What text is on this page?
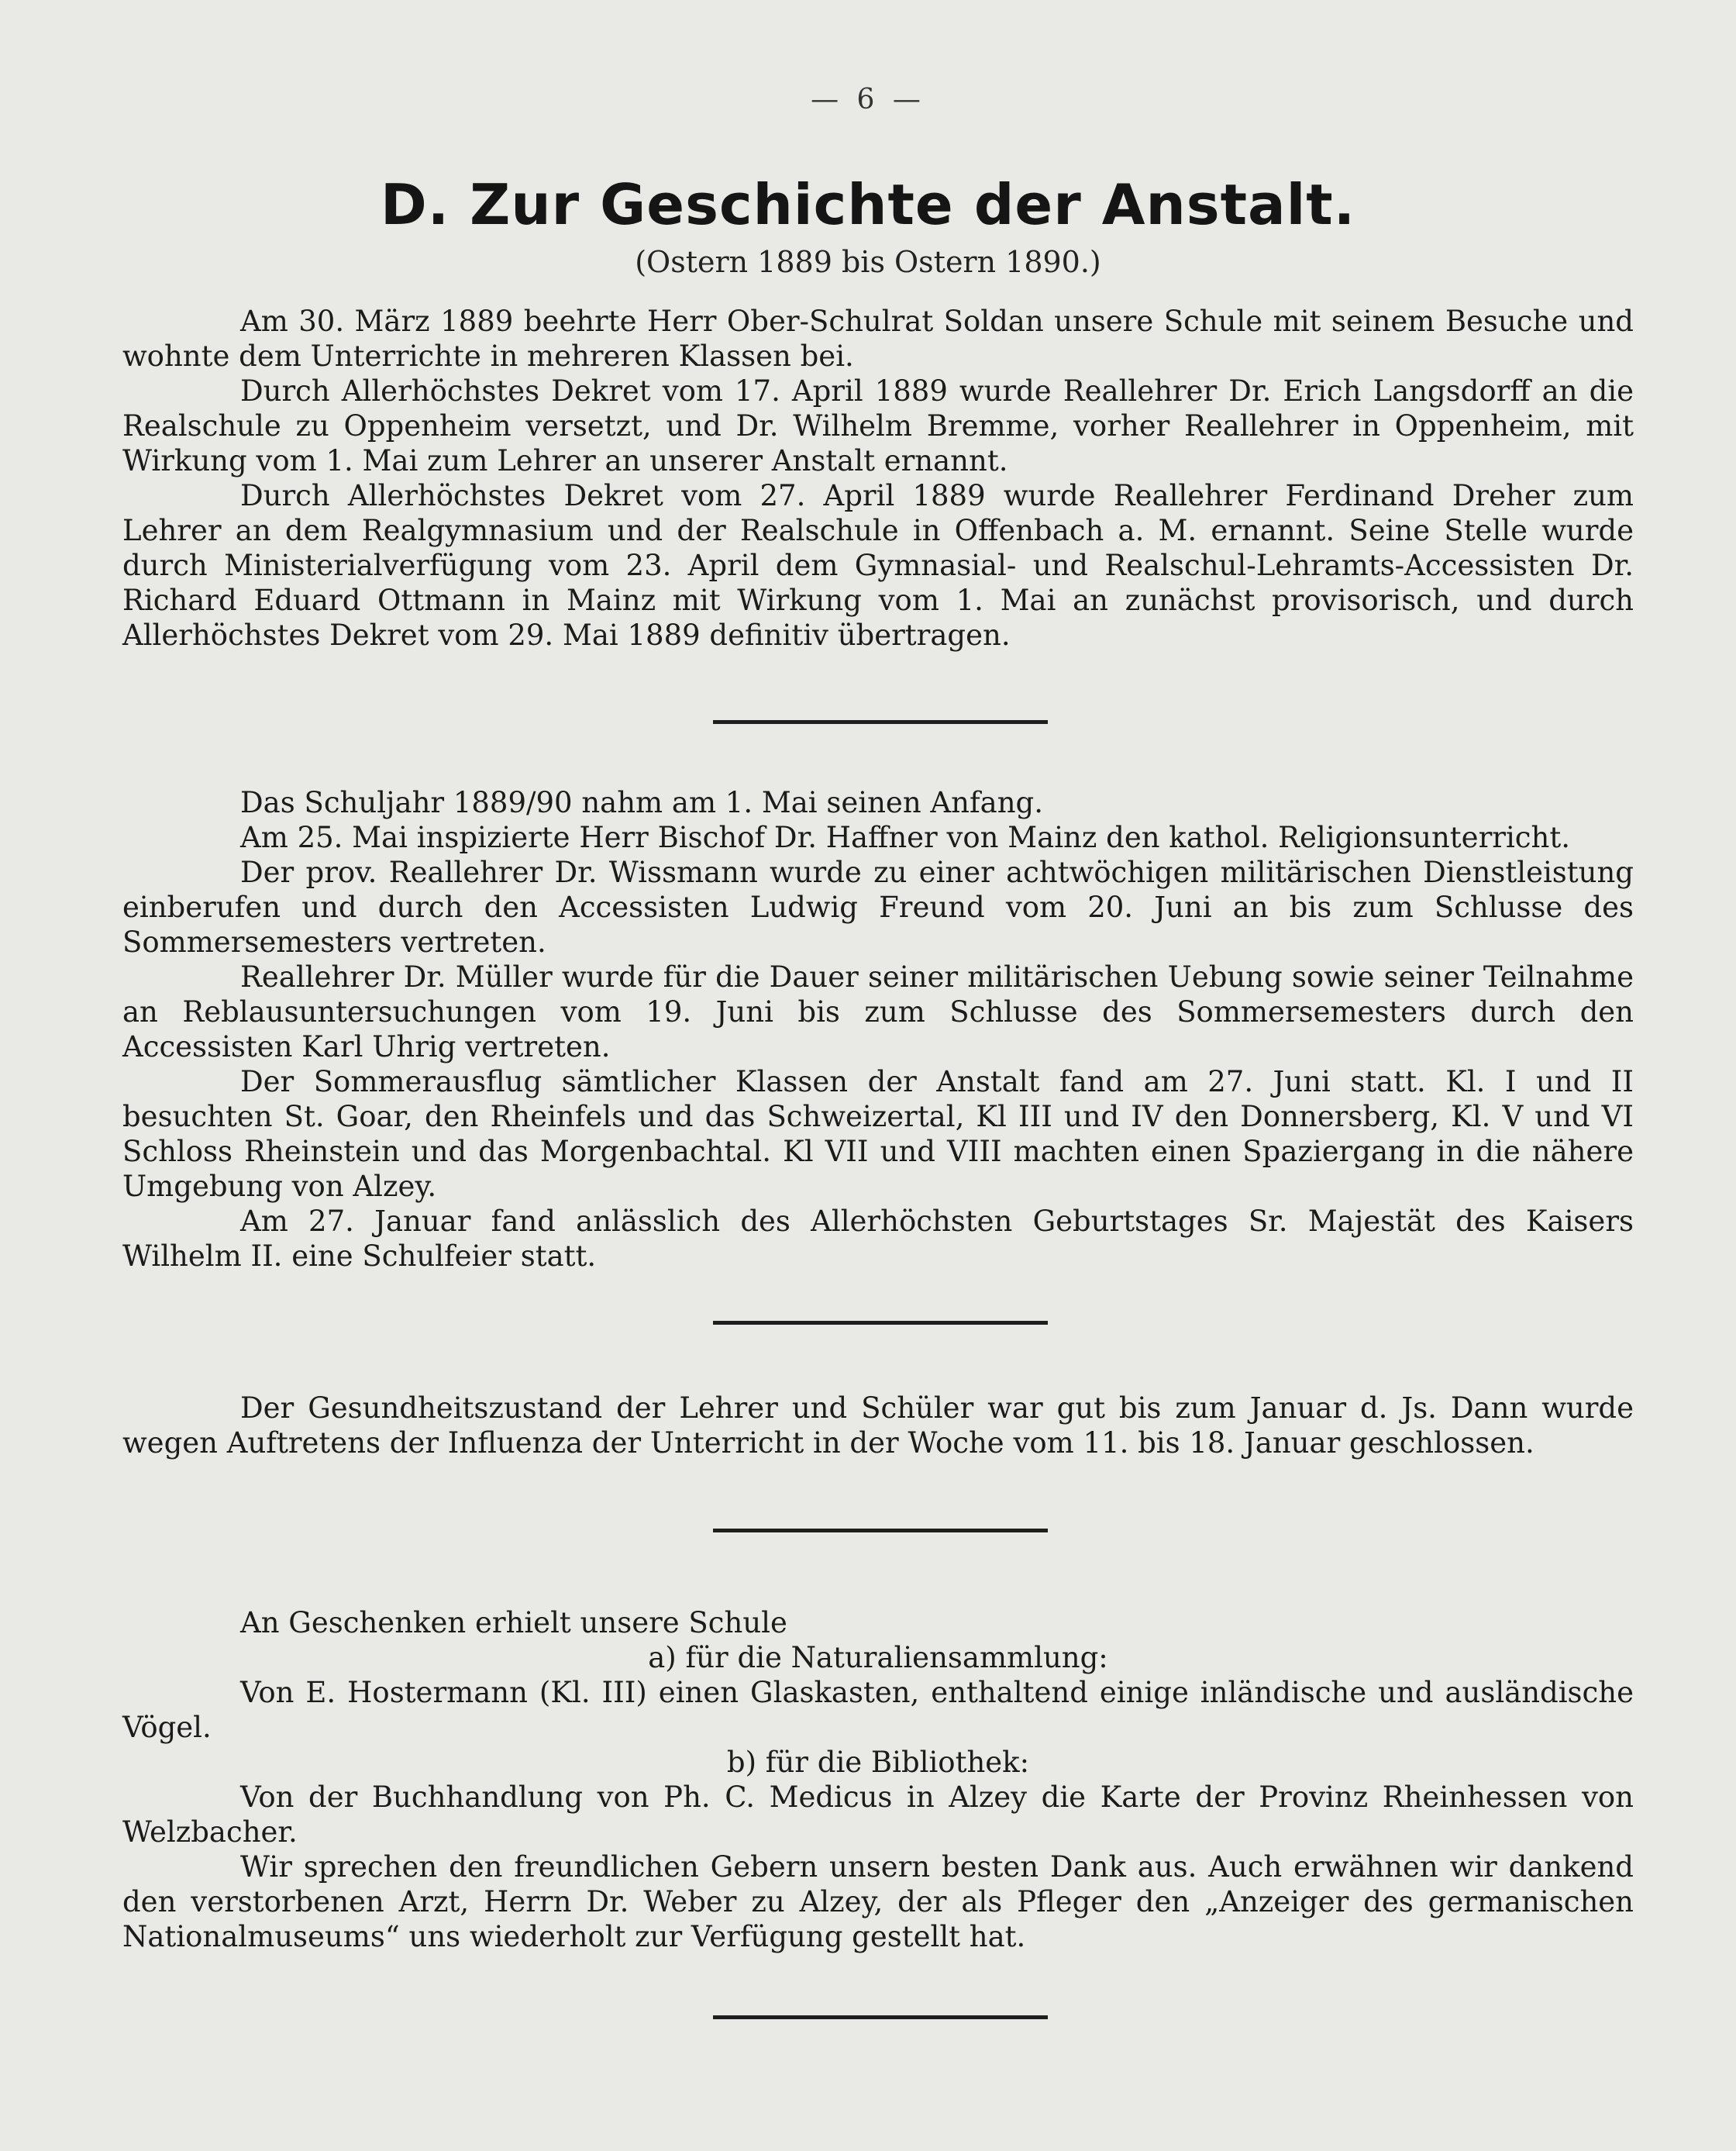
— 6 —
D. Zur Geschichte der Anstalt.
(Ostern 1889 bis Ostern 1890.)

Am 30. März 1889 beehrte Herr Ober-Schulrat Soldan unsere Schule mit seinem Besuche und wohnte dem Unterrichte in mehreren Klassen bei.

Durch Allerhöchstes Dekret vom 17. April 1889 wurde Reallehrer Dr. Erich Langsdorff an die Realschule zu Oppenheim versetzt, und Dr. Wilhelm Bremme, vorher Reallehrer in Oppenheim, mit Wirkung vom 1. Mai zum Lehrer an unserer Anstalt ernannt.

Durch Allerhöchstes Dekret vom 27. April 1889 wurde Reallehrer Ferdinand Dreher zum Lehrer an dem Realgymnasium und der Realschule in Offenbach a. M. ernannt. Seine Stelle wurde durch Ministerialverfügung vom 23. April dem Gymnasial- und Realschul-Lehramts-Accessisten Dr. Richard Eduard Ottmann in Mainz mit Wirkung vom 1. Mai an zunächst provisorisch, und durch Allerhöchstes Dekret vom 29. Mai 1889 definitiv übertragen.

Das Schuljahr 1889/90 nahm am 1. Mai seinen Anfang.

Am 25. Mai inspizierte Herr Bischof Dr. Haffner von Mainz den kathol. Religionsunterricht.

Der prov. Reallehrer Dr. Wissmann wurde zu einer achtwöchigen militärischen Dienstleistung einberufen und durch den Accessisten Ludwig Freund vom 20. Juni an bis zum Schlusse des Sommersemesters vertreten.

Reallehrer Dr. Müller wurde für die Dauer seiner militärischen Uebung sowie seiner Teilnahme an Reblausuntersuchungen vom 19. Juni bis zum Schlusse des Sommersemesters durch den Accessisten Karl Uhrig vertreten.

Der Sommerausflug sämtlicher Klassen der Anstalt fand am 27. Juni statt. Kl. I und II besuchten St. Goar, den Rheinfels und das Schweizertal, Kl III und IV den Donnersberg, Kl. V und VI Schloss Rheinstein und das Morgenbachtal. Kl VII und VIII machten einen Spaziergang in die nähere Umgebung von Alzey.

Am 27. Januar fand anlässlich des Allerhöchsten Geburtstages Sr. Majestät des Kaisers Wilhelm II. eine Schulfeier statt.

Der Gesundheitszustand der Lehrer und Schüler war gut bis zum Januar d. Js. Dann wurde wegen Auftretens der Influenza der Unterricht in der Woche vom 11. bis 18. Januar geschlossen.

An Geschenken erhielt unsere Schule

a) für die Naturaliensammlung:

Von E. Hostermann (Kl. III) einen Glaskasten, enthaltend einige inländische und ausländische Vögel.

b) für die Bibliothek:

Von der Buchhandlung von Ph. C. Medicus in Alzey die Karte der Provinz Rheinhessen von Welzbacher.

Wir sprechen den freundlichen Gebern unsern besten Dank aus. Auch erwähnen wir dankend den verstorbenen Arzt, Herrn Dr. Weber zu Alzey, der als Pfleger den „Anzeiger des germanischen Nationalmuseums“ uns wiederholt zur Verfügung gestellt hat.
